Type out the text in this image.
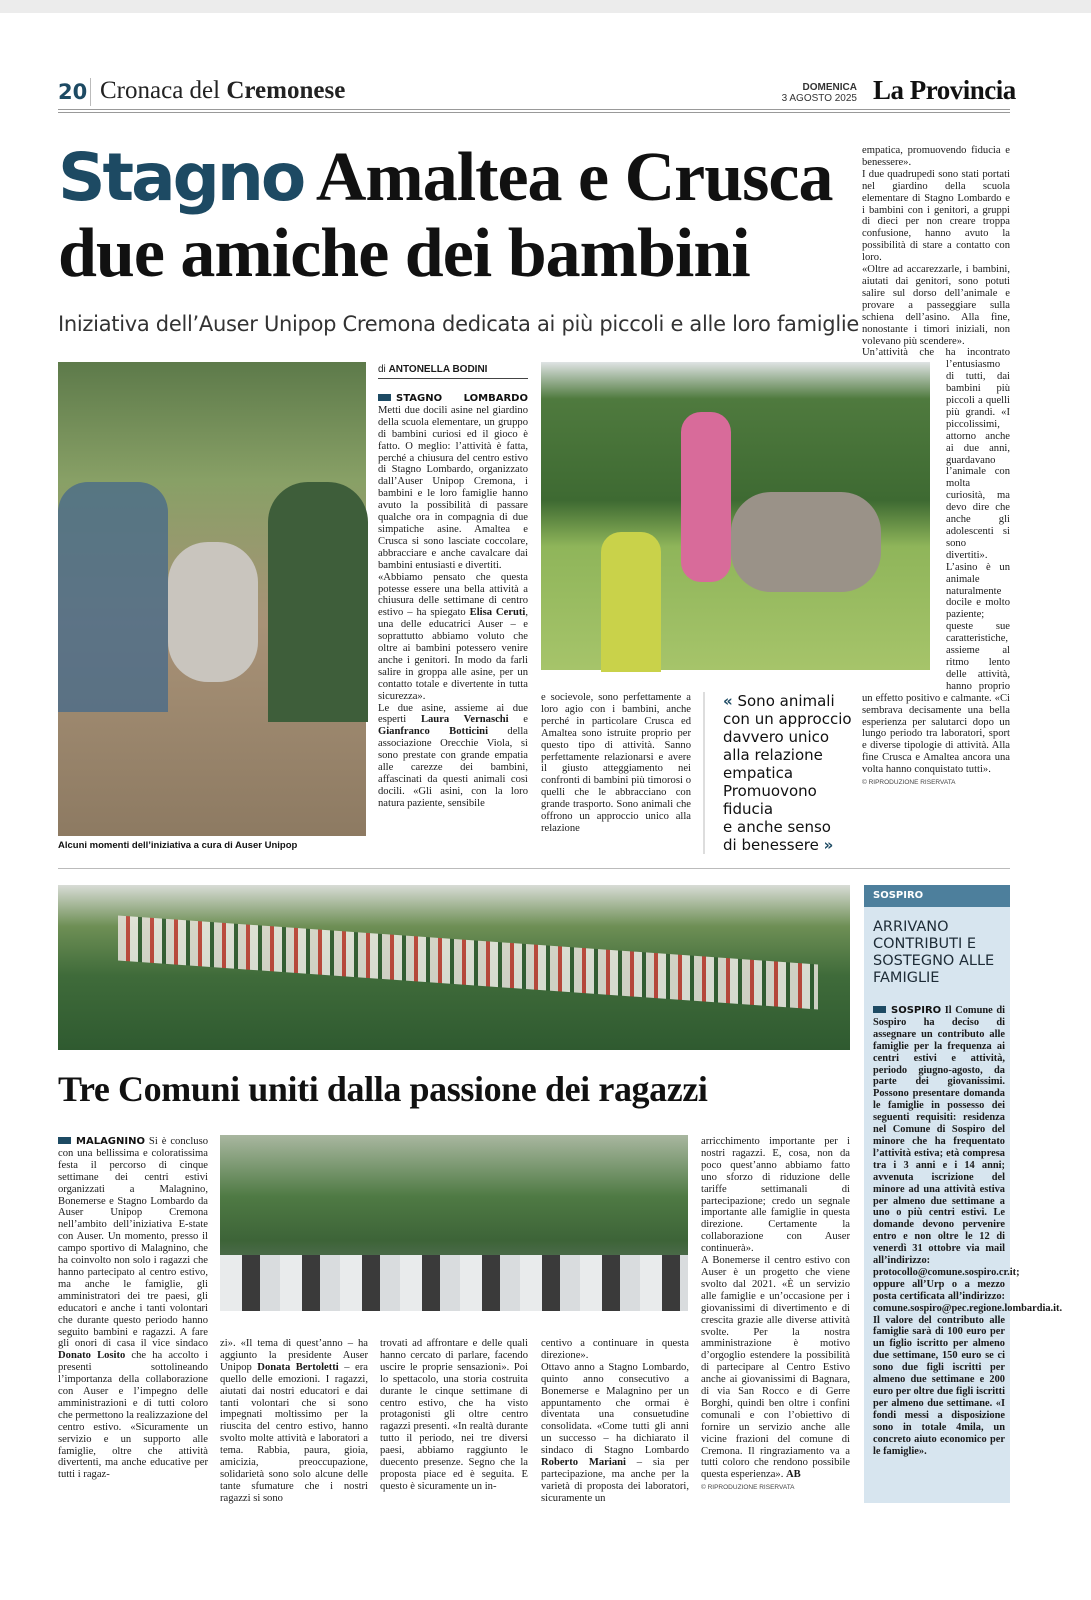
20 Cronaca del Cremonese	DOMENICA
3 AGOSTO 2025 La Provincia
Stagno Amaltea e Crusca
due amiche dei bambini
Iniziativa dell’Auser Unipop Cremona dedicata ai più piccoli e alle loro famiglie
Alcuni momenti dell’iniziativa a cura di Auser Unipop
di ANTONELLA BODINI

STAGNO LOMBARDO Metti due docili asine nel giardino della scuola elementare, un gruppo di bambini curiosi ed il gioco è fatto. O meglio: l’attività è fatta, perché a chiusura del centro estivo di Stagno Lombardo, organizzato dall’Auser Unipop Cremona, i bambini e le loro famiglie hanno avuto la possibilità di passare qualche ora in compagnia di due simpatiche asine. Amaltea e Crusca si sono lasciate coccolare, abbracciare e anche cavalcare dai bambini entusiasti e divertiti.

«Abbiamo pensato che questa potesse essere una bella attività a chiusura delle settimane di centro estivo – ha spiegato Elisa Ceruti, una delle educatrici Auser – e soprattutto abbiamo voluto che oltre ai bambini potessero venire anche i genitori. In modo da farli salire in groppa alle asine, per un contatto totale e divertente in tutta sicurezza».

Le due asine, assieme ai due esperti Laura Vernaschi e Gianfranco Botticini della associazione Orecchie Viola, si sono prestate con grande empatia alle carezze dei bambini, affascinati da questi animali così docili. «Gli asini, con la loro natura paziente, sensibile

e socievole, sono perfettamente a loro agio con i bambini, anche perché in particolare Crusca ed Amaltea sono istruite proprio per questo tipo di attività. Sanno perfettamente relazionarsi e avere il giusto atteggiamento nei confronti di bambini più timorosi o quelli che le abbracciano con grande trasporto. Sono animali che offrono un approccio unico alla relazione

« Sono animali
con un approccio
davvero unico
alla relazione
empatica
Promuovono
fiducia
e anche senso
di benessere »

empatica, promuovendo fiducia e benessere».

I due quadrupedi sono stati portati nel giardino della scuola elementare di Stagno Lombardo e i bambini con i genitori, a gruppi di dieci per non creare troppa confusione, hanno avuto la possibilità di stare a contatto con loro.

«Oltre ad accarezzarle, i bambini, aiutati dai genitori, sono potuti salire sul dorso dell’animale e provare a passeggiare sulla schiena dell’asino. Alla fine, nonostante i timori iniziali, non volevano più scendere».

Un’attività che ha incontrato l’entusiasmo di tutti, dai bambini più piccoli a quelli più grandi. «I piccolissimi, attorno anche ai due anni, guardavano l’animale con molta curiosità, ma devo dire che anche gli adolescenti si sono divertiti».

L’asino è un animale naturalmente docile e molto paziente; queste sue caratteristiche, assieme al ritmo lento delle attività, hanno proprio un effetto positivo e calmante. «Ci sembrava decisamente una bella esperienza per salutarci dopo un lungo periodo tra laboratori, sport e diverse tipologie di attività. Alla fine Crusca e Amaltea ancora una volta hanno conquistato tutti».

© RIPRODUZIONE RISERVATA
SOSPIRO
ARRIVANO CONTRIBUTI E SOSTEGNO ALLE FAMIGLIE

SOSPIRO Il Comune di Sospiro ha deciso di assegnare un contributo alle famiglie per la frequenza ai centri estivi e attività, periodo giugno-agosto, da parte dei giovanissimi. Possono presentare domanda le famiglie in possesso dei seguenti requisiti: residenza nel Comune di Sospiro del minore che ha frequentato l’attività estiva; età compresa tra i 3 anni e i 14 anni; avvenuta iscrizione del minore ad una attività estiva per almeno due settimane a uno o più centri estivi. Le domande devono pervenire entro e non oltre le 12 di venerdì 31 ottobre via mail all’indirizzo: protocollo@comune.sospiro.cr.it; oppure all’Urp o a mezzo posta certificata all’indirizzo: comune.sospiro@pec.regione.lombardia.it. Il valore del contributo alle famiglie sarà di 100 euro per un figlio iscritto per almeno due settimane, 150 euro se ci sono due figli iscritti per almeno due settimane e 200 euro per oltre due figli iscritti per almeno due settimane. «I fondi messi a disposizione sono in totale 4mila, un concreto aiuto economico per le famiglie».

Tre Comuni uniti dalla passione dei ragazzi

MALAGNINO Si è concluso con una bellissima e coloratissima festa il percorso di cinque settimane dei centri estivi organizzati a Malagnino, Bonemerse e Stagno Lombardo da Auser Unipop Cremona nell’ambito dell’iniziativa E-state con Auser. Un momento, presso il campo sportivo di Malagnino, che ha coinvolto non solo i ragazzi che hanno partecipato al centro estivo, ma anche le famiglie, gli amministratori dei tre paesi, gli educatori e anche i tanti volontari che durante questo periodo hanno seguito bambini e ragazzi. A fare gli onori di casa il vice sindaco Donato Losito che ha accolto i presenti sottolineando l’importanza della collaborazione con Auser e l’impegno delle amministrazioni e di tutti coloro che permettono la realizzazione del centro estivo. «Sicuramente un servizio e un supporto alle famiglie, oltre che attività divertenti, ma anche educative per tutti i ragaz-

zi». «Il tema di quest’anno – ha aggiunto la presidente Auser Unipop Donata Bertoletti – era quello delle emozioni. I ragazzi, aiutati dai nostri educatori e dai tanti volontari che si sono impegnati moltissimo per la riuscita del centro estivo, hanno svolto molte attività e laboratori a tema. Rabbia, paura, gioia, amicizia, preoccupazione, solidarietà sono solo alcune delle tante sfumature che i nostri ragazzi si sono

trovati ad affrontare e delle quali hanno cercato di parlare, facendo uscire le proprie sensazioni». Poi lo spettacolo, una storia costruita durante le cinque settimane di centro estivo, che ha visto protagonisti gli oltre centro ragazzi presenti. «In realtà durante tutto il periodo, nei tre diversi paesi, abbiamo raggiunto le duecento presenze. Segno che la proposta piace ed è seguita. E questo è sicuramente un in-

centivo a continuare in questa direzione».

Ottavo anno a Stagno Lombardo, quinto anno consecutivo a Bonemerse e Malagnino per un appuntamento che ormai è diventata una consuetudine consolidata. «Come tutti gli anni un successo – ha dichiarato il sindaco di Stagno Lombardo Roberto Mariani – sia per partecipazione, ma anche per la varietà di proposta dei laboratori, sicuramente un

arricchimento importante per i nostri ragazzi. E, cosa, non da poco quest’anno abbiamo fatto uno sforzo di riduzione delle tariffe settimanali di partecipazione; credo un segnale importante alle famiglie in questa direzione. Certamente la collaborazione con Auser continuerà».

A Bonemerse il centro estivo con Auser è un progetto che viene svolto dal 2021. «È un servizio alle famiglie e un’occasione per i giovanissimi di divertimento e di crescita grazie alle diverse attività svolte. Per la nostra amministrazione è motivo d’orgoglio estendere la possibilità di partecipare al Centro Estivo anche ai giovanissimi di Bagnara, di via San Rocco e di Gerre Borghi, quindi ben oltre i confini comunali e con l’obiettivo di fornire un servizio anche alle vicine frazioni del comune di Cremona. Il ringraziamento va a tutti coloro che rendono possibile questa esperienza». AB

© RIPRODUZIONE RISERVATA
